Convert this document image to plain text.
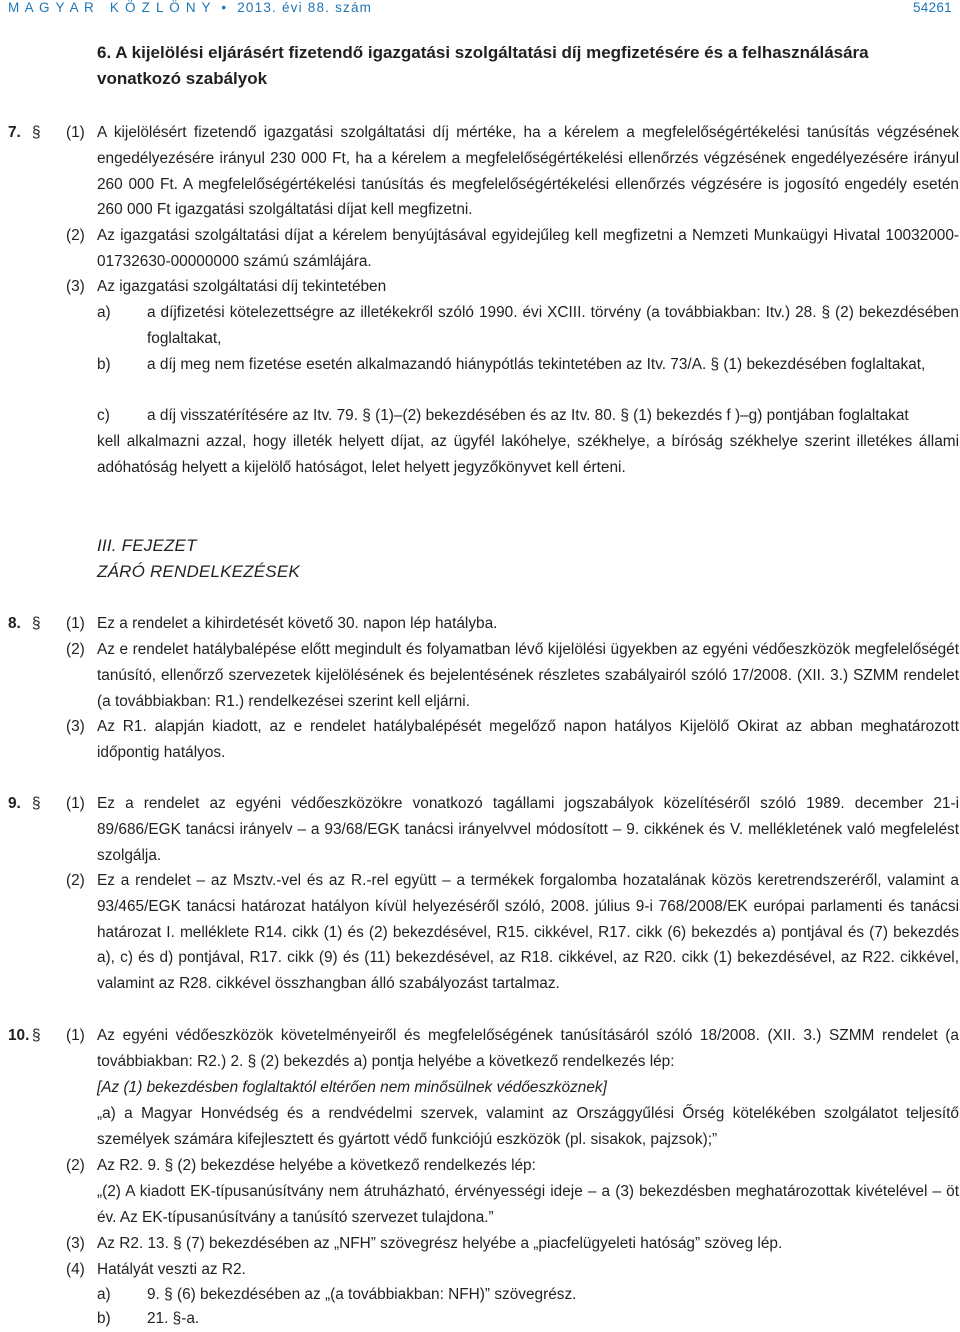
M A G Y A R   K Ö Z L Ö N Y  •  2013. évi 88. szám	54261
6. A kijelölési eljárásért fizetendő igazgatási szolgáltatási díj megfizetésére és a felhasználására vonatkozó szabályok
7. § (1) A kijelölésért fizetendő igazgatási szolgáltatási díj mértéke, ha a kérelem a megfelelőségértékelési tanúsítás végzésének engedélyezésére irányul 230 000 Ft, ha a kérelem a megfelelőségértékelési ellenőrzés végzésének engedélyezésére irányul 260 000 Ft. A megfelelőségértékelési tanúsítás és megfelelőségértékelési ellenőrzés végzésére is jogosító engedély esetén 260 000 Ft igazgatási szolgáltatási díjat kell megfizetni.

(2) Az igazgatási szolgáltatási díjat a kérelem benyújtásával egyidejűleg kell megfizetni a Nemzeti Munkaügyi Hivatal 10032000-01732630-00000000 számú számlájára.

(3) Az igazgatási szolgáltatási díj tekintetében

a) a díjfizetési kötelezettségre az illetékekről szóló 1990. évi XCIII. törvény (a továbbiakban: Itv.) 28. § (2) bekezdésében foglaltakat,

b) a díj meg nem fizetése esetén alkalmazandó hiánypótlás tekintetében az Itv. 73/A. § (1) bekezdésében foglaltakat,

c) a díj visszatérítésére az Itv. 79. § (1)–(2) bekezdésében és az Itv. 80. § (1) bekezdés f )–g) pontjában foglaltakat

kell alkalmazni azzal, hogy illeték helyett díjat, az ügyfél lakóhelye, székhelye, a bíróság székhelye szerint illetékes állami adóhatóság helyett a kijelölő hatóságot, lelet helyett jegyzőkönyvet kell érteni.

III. FEJEZET
ZÁRÓ RENDELKEZÉSEK
8. § (1) Ez a rendelet a kihirdetését követő 30. napon lép hatályba.

(2) Az e rendelet hatálybalépése előtt megindult és folyamatban lévő kijelölési ügyekben az egyéni védőeszközök megfelelőségét tanúsító, ellenőrző szervezetek kijelölésének és bejelentésének részletes szabályairól szóló 17/2008. (XII. 3.) SZMM rendelet (a továbbiakban: R1.) rendelkezései szerint kell eljárni.

(3) Az R1. alapján kiadott, az e rendelet hatálybalépését megelőző napon hatályos Kijelölő Okirat az abban meghatározott időpontig hatályos.

9. § (1) Ez a rendelet az egyéni védőeszközökre vonatkozó tagállami jogszabályok közelítéséről szóló 1989. december 21-i 89/686/EGK tanácsi irányelv – a 93/68/EGK tanácsi irányelvvel módosított – 9. cikkének és V. mellékletének való megfelelést szolgálja.

(2) Ez a rendelet – az Msztv.-vel és az R.-rel együtt – a termékek forgalomba hozatalának közös keretrendszeréről, valamint a 93/465/EGK tanácsi határozat hatályon kívül helyezéséről szóló, 2008. július 9-i 768/2008/EK európai parlamenti és tanácsi határozat I. melléklete R14. cikk (1) és (2) bekezdésével, R15. cikkével, R17. cikk (6) bekezdés a) pontjával és (7) bekezdés a), c) és d) pontjával, R17. cikk (9) és (11) bekezdésével, az R18. cikkével, az R20. cikk (1) bekezdésével, az R22. cikkével, valamint az R28. cikkével összhangban álló szabályozást tartalmaz.

10. § (1) Az egyéni védőeszközök követelményeiről és megfelelőségének tanúsításáról szóló 18/2008. (XII. 3.) SZMM rendelet (a továbbiakban: R2.) 2. § (2) bekezdés a) pontja helyébe a következő rendelkezés lép:

[Az (1) bekezdésben foglaltaktól eltérően nem minősülnek védőeszköznek]

„a) a Magyar Honvédség és a rendvédelmi szervek, valamint az Országgyűlési Őrség kötelékében szolgálatot teljesítő személyek számára kifejlesztett és gyártott védő funkciójú eszközök (pl. sisakok, pajzsok);”

(2) Az R2. 9. § (2) bekezdése helyébe a következő rendelkezés lép:

„(2) A kiadott EK-típusanúsítvány nem átruházható, érvényességi ideje – a (3) bekezdésben meghatározottak kivételével – öt év. Az EK-típusanúsítvány a tanúsító szervezet tulajdona.”

(3) Az R2. 13. § (7) bekezdésében az „NFH” szövegrész helyébe a „piacfelügyeleti hatóság” szöveg lép.

(4) Hatályát veszti az R2.

a) 9. § (6) bekezdésében az „(a továbbiakban: NFH)” szövegrész.

b) 21. §-a.
